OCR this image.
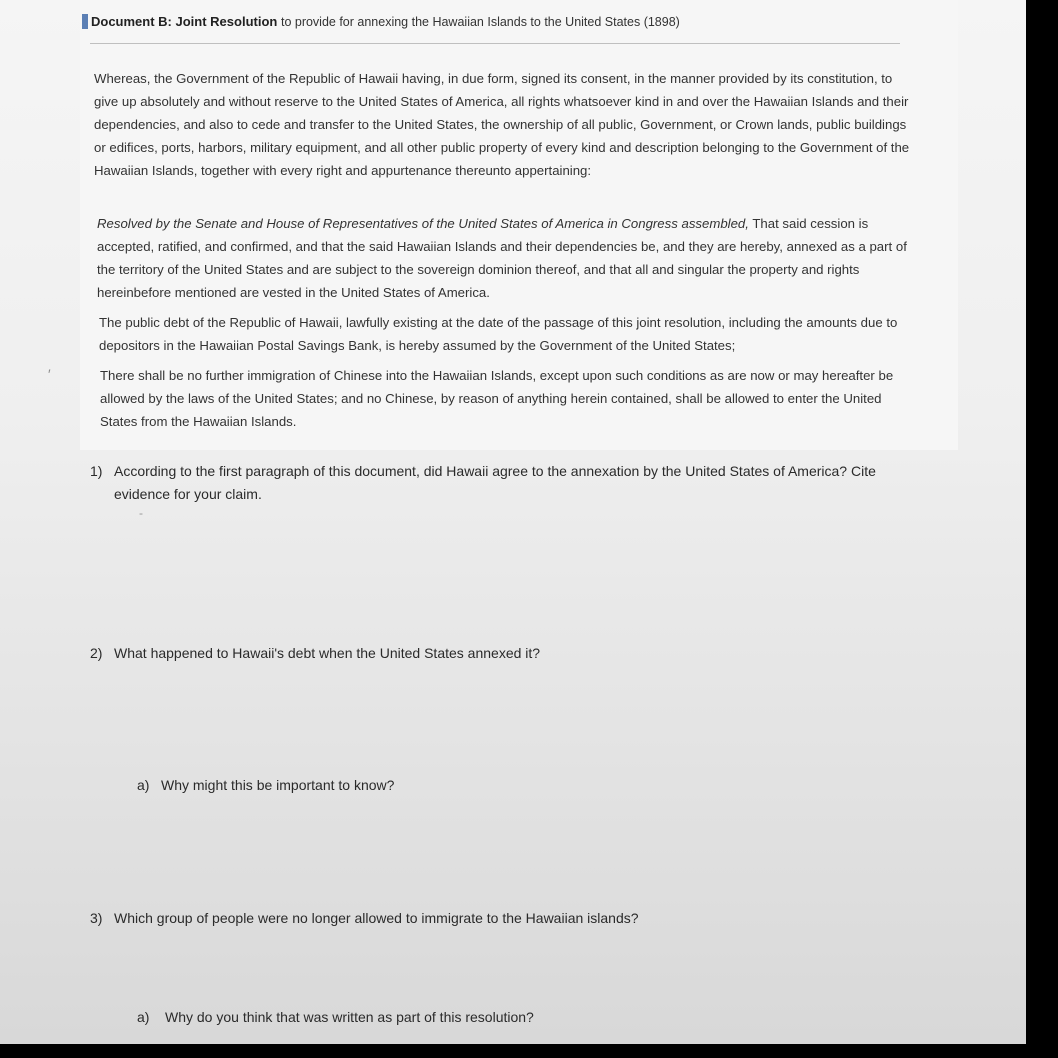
Document B: Joint Resolution to provide for annexing the Hawaiian Islands to the United States (1898)
Whereas, the Government of the Republic of Hawaii having, in due form, signed its consent, in the manner provided by its constitution, to give up absolutely and without reserve to the United States of America, all rights whatsoever kind in and over the Hawaiian Islands and their dependencies, and also to cede and transfer to the United States, the ownership of all public, Government, or Crown lands, public buildings or edifices, ports, harbors, military equipment, and all other public property of every kind and description belonging to the Government of the Hawaiian Islands, together with every right and appurtenance thereunto appertaining:
Resolved by the Senate and House of Representatives of the United States of America in Congress assembled, That said cession is accepted, ratified, and confirmed, and that the said Hawaiian Islands and their dependencies be, and they are hereby, annexed as a part of the territory of the United States and are subject to the sovereign dominion thereof, and that all and singular the property and rights hereinbefore mentioned are vested in the United States of America.
The public debt of the Republic of Hawaii, lawfully existing at the date of the passage of this joint resolution, including the amounts due to depositors in the Hawaiian Postal Savings Bank, is hereby assumed by the Government of the United States;
There shall be no further immigration of Chinese into the Hawaiian Islands, except upon such conditions as are now or may hereafter be allowed by the laws of the United States; and no Chinese, by reason of anything herein contained, shall be allowed to enter the United States from the Hawaiian Islands.
′
-
1) According to the first paragraph of this document, did Hawaii agree to the annexation by the United States of America? Cite evidence for your claim.
2) What happened to Hawaii's debt when the United States annexed it?
a) Why might this be important to know?
3) Which group of people were no longer allowed to immigrate to the Hawaiian islands?
a) Why do you think that was written as part of this resolution?
